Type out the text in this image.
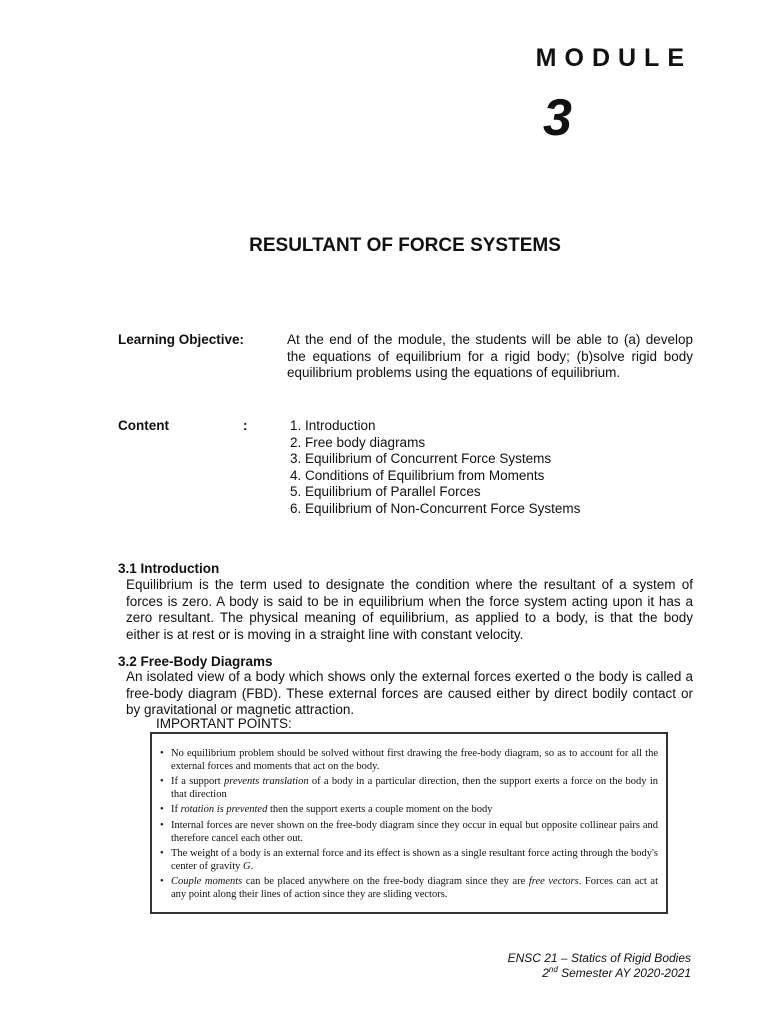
MODULE
3
RESULTANT OF FORCE SYSTEMS
Learning Objective:	At the end of the module, the students will be able to (a) develop the equations of equilibrium for a rigid body; (b)solve rigid body equilibrium problems using the equations of equilibrium.
Content	:	1. Introduction
2. Free body diagrams
3. Equilibrium of Concurrent Force Systems
4. Conditions of Equilibrium from Moments
5. Equilibrium of Parallel Forces
6. Equilibrium of Non-Concurrent Force Systems
3.1 Introduction
Equilibrium is the term used to designate the condition where the resultant of a system of forces is zero. A body is said to be in equilibrium when the force system acting upon it has a zero resultant. The physical meaning of equilibrium, as applied to a body, is that the body either is at rest or is moving in a straight line with constant velocity.
3.2 Free-Body Diagrams
An isolated view of a body which shows only the external forces exerted o the body is called a free-body diagram (FBD). These external forces are caused either by direct bodily contact or by gravitational or magnetic attraction.
IMPORTANT POINTS:
• No equilibrium problem should be solved without first drawing the free-body diagram, so as to account for all the external forces and moments that act on the body.
• If a support prevents translation of a body in a particular direction, then the support exerts a force on the body in that direction
• If rotation is prevented then the support exerts a couple moment on the body
• Internal forces are never shown on the free-body diagram since they occur in equal but opposite collinear pairs and therefore cancel each other out.
• The weight of a body is an external force and its effect is shown as a single resultant force acting through the body's center of gravity G.
• Couple moments can be placed anywhere on the free-body diagram since they are free vectors. Forces can act at any point along their lines of action since they are sliding vectors.
ENSC 21 – Statics of Rigid Bodies
2nd Semester AY 2020-2021
